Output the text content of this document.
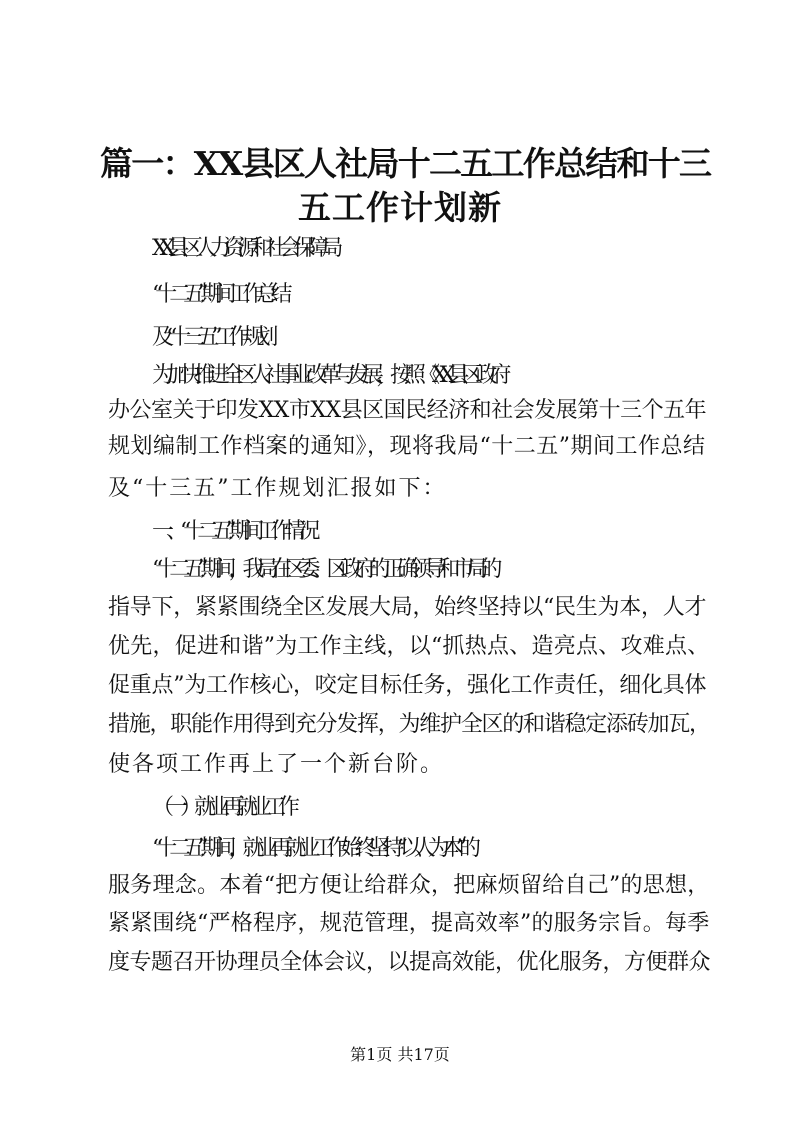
篇一：XX县区人社局十二五工作总结和十三
五工作计划新
XX县区人力资源和社会保障局
“十二五”期间工作总结
及“十三五”工作规划
为加快推进全区人社事业改革与发展，按照《XX县区政府
办公室关于印发XX市XX县区国民经济和社会发展第十三个五年
规划编制工作档案的通知》，现将我局“十二五”期间工作总结
及“十三五”工作规划汇报如下：
一、“十二五”期间工作情况
“十二五”期间，我局在区委、区政府的正确领导和市局的
指导下，紧紧围绕全区发展大局，始终坚持以“民生为本，人才
优先，促进和谐”为工作主线，以“抓热点、造亮点、攻难点、
促重点”为工作核心，咬定目标任务，强化工作责任，细化具体
措施，职能作用得到充分发挥，为维护全区的和谐稳定添砖加瓦，
使各项工作再上了一个新台阶。
（一）就业再就业工作
“十二五”期间，就业再就业工作始终坚持“以人为本”的
服务理念。本着“把方便让给群众，把麻烦留给自己”的思想，
紧紧围绕“严格程序，规范管理，提高效率”的服务宗旨。每季
度专题召开协理员全体会议，以提高效能，优化服务，方便群众
第1页 共17页
